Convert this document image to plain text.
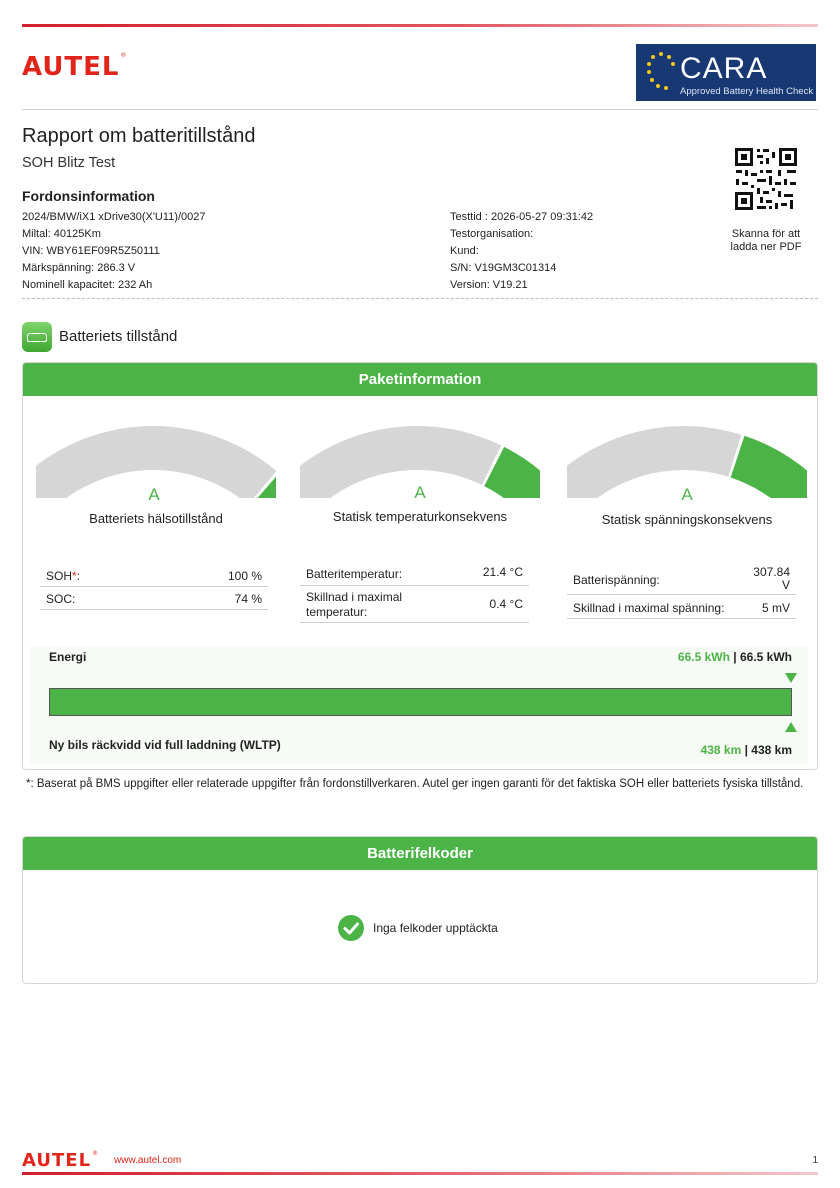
AUTEL®	CARA
Approved Battery Health Check
Rapport om batteritillstånd
SOH Blitz Test
Fordonsinformation
2024/BMW/iX1 xDrive30(X'U11)/0027
Miltal: 40125Km
VIN: WBY61EF09R5Z50111
Märkspänning: 286.3 V
Nominell kapacitet: 232 Ah
Testtid : 2026-05-27 09:31:42
Testorganisation:
Kund:
S/N: V19GM3C01314
Version: V19.21
Skanna för att ladda ner PDF
Batteriets tillstånd
Paketinformation
A
Batteriets hälsotillstånd
A
Statisk temperaturkonsekvens
A
Statisk spänningskonsekvens
SOH*:	100 %
SOC:	74 %
Batteritemperatur:	21.4 °C
Skillnad i maximal temperatur:
0.4 °C
Batterispänning:
307.84 V
Skillnad i maximal spänning:	5 mV
Energi	66.5 kWh | 66.5 kWh
Ny bils räckvidd vid full laddning (WLTP)	438 km | 438 km
*: Baserat på BMS uppgifter eller relaterade uppgifter från fordonstillverkaren. Autel ger ingen garanti för det faktiska SOH eller batteriets fysiska tillstånd.
Batterifelkoder
Inga felkoder upptäckta
AUTEL®
www.autel.com	1
